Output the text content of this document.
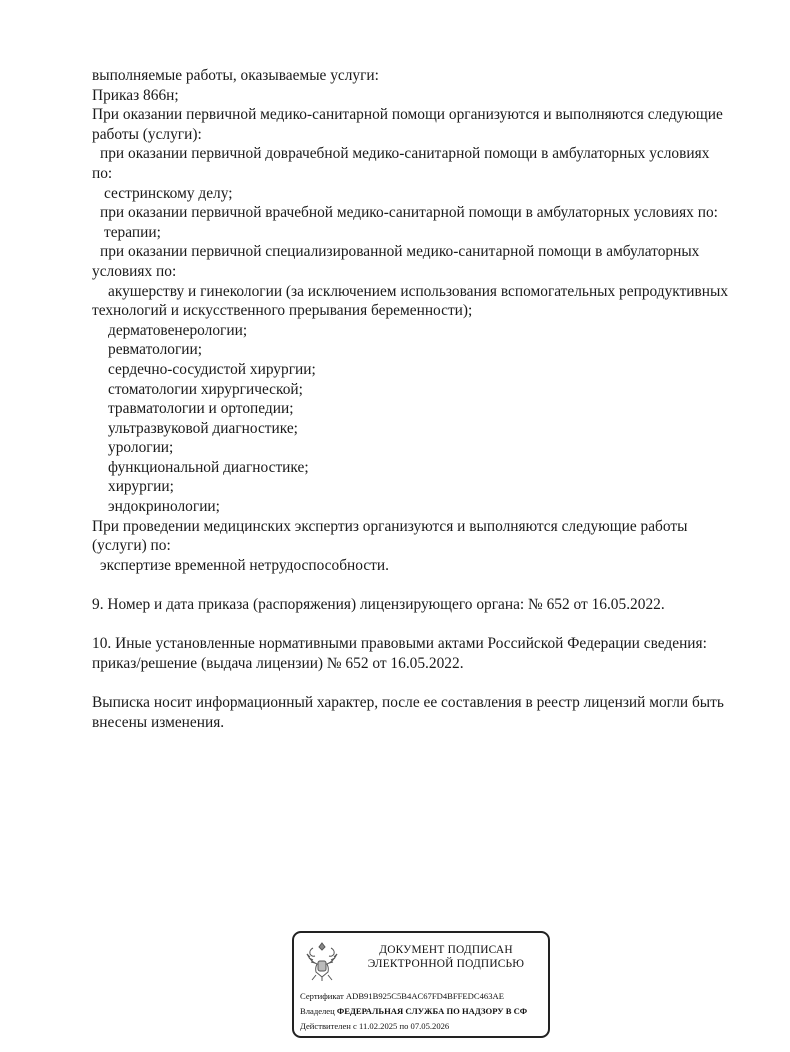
выполняемые работы, оказываемые услуги:
Приказ 866н;
При оказании первичной медико-санитарной помощи организуются и выполняются следующие
работы (услуги):
при оказании первичной доврачебной медико-санитарной помощи в амбулаторных условиях
по:
сестринскому делу;
при оказании первичной врачебной медико-санитарной помощи в амбулаторных условиях по:
терапии;
при оказании первичной специализированной медико-санитарной помощи в амбулаторных
условиях по:
акушерству и гинекологии (за исключением использования вспомогательных репродуктивных
технологий и искусственного прерывания беременности);
дерматовенерологии;
ревматологии;
сердечно-сосудистой хирургии;
стоматологии хирургической;
травматологии и ортопедии;
ультразвуковой диагностике;
урологии;
функциональной диагностике;
хирургии;
эндокринологии;
При проведении медицинских экспертиз организуются и выполняются следующие работы
(услуги) по:
экспертизе временной нетрудоспособности.
9. Номер и дата приказа (распоряжения) лицензирующего органа: № 652 от 16.05.2022.
10. Иные установленные нормативными правовыми актами Российской Федерации сведения:
приказ/решение (выдача лицензии) № 652 от 16.05.2022.
Выписка носит информационный характер, после ее составления в реестр лицензий могли быть
внесены изменения.
ДОКУМЕНТ ПОДПИСАН
ЭЛЕКТРОННОЙ ПОДПИСЬЮ
Сертификат ADB91B925C5B4AC67FD4BFFEDC463AE
Владелец ФЕДЕРАЛЬНАЯ СЛУЖБА ПО НАДЗОРУ В СФ
Действителен с 11.02.2025 по 07.05.2026
